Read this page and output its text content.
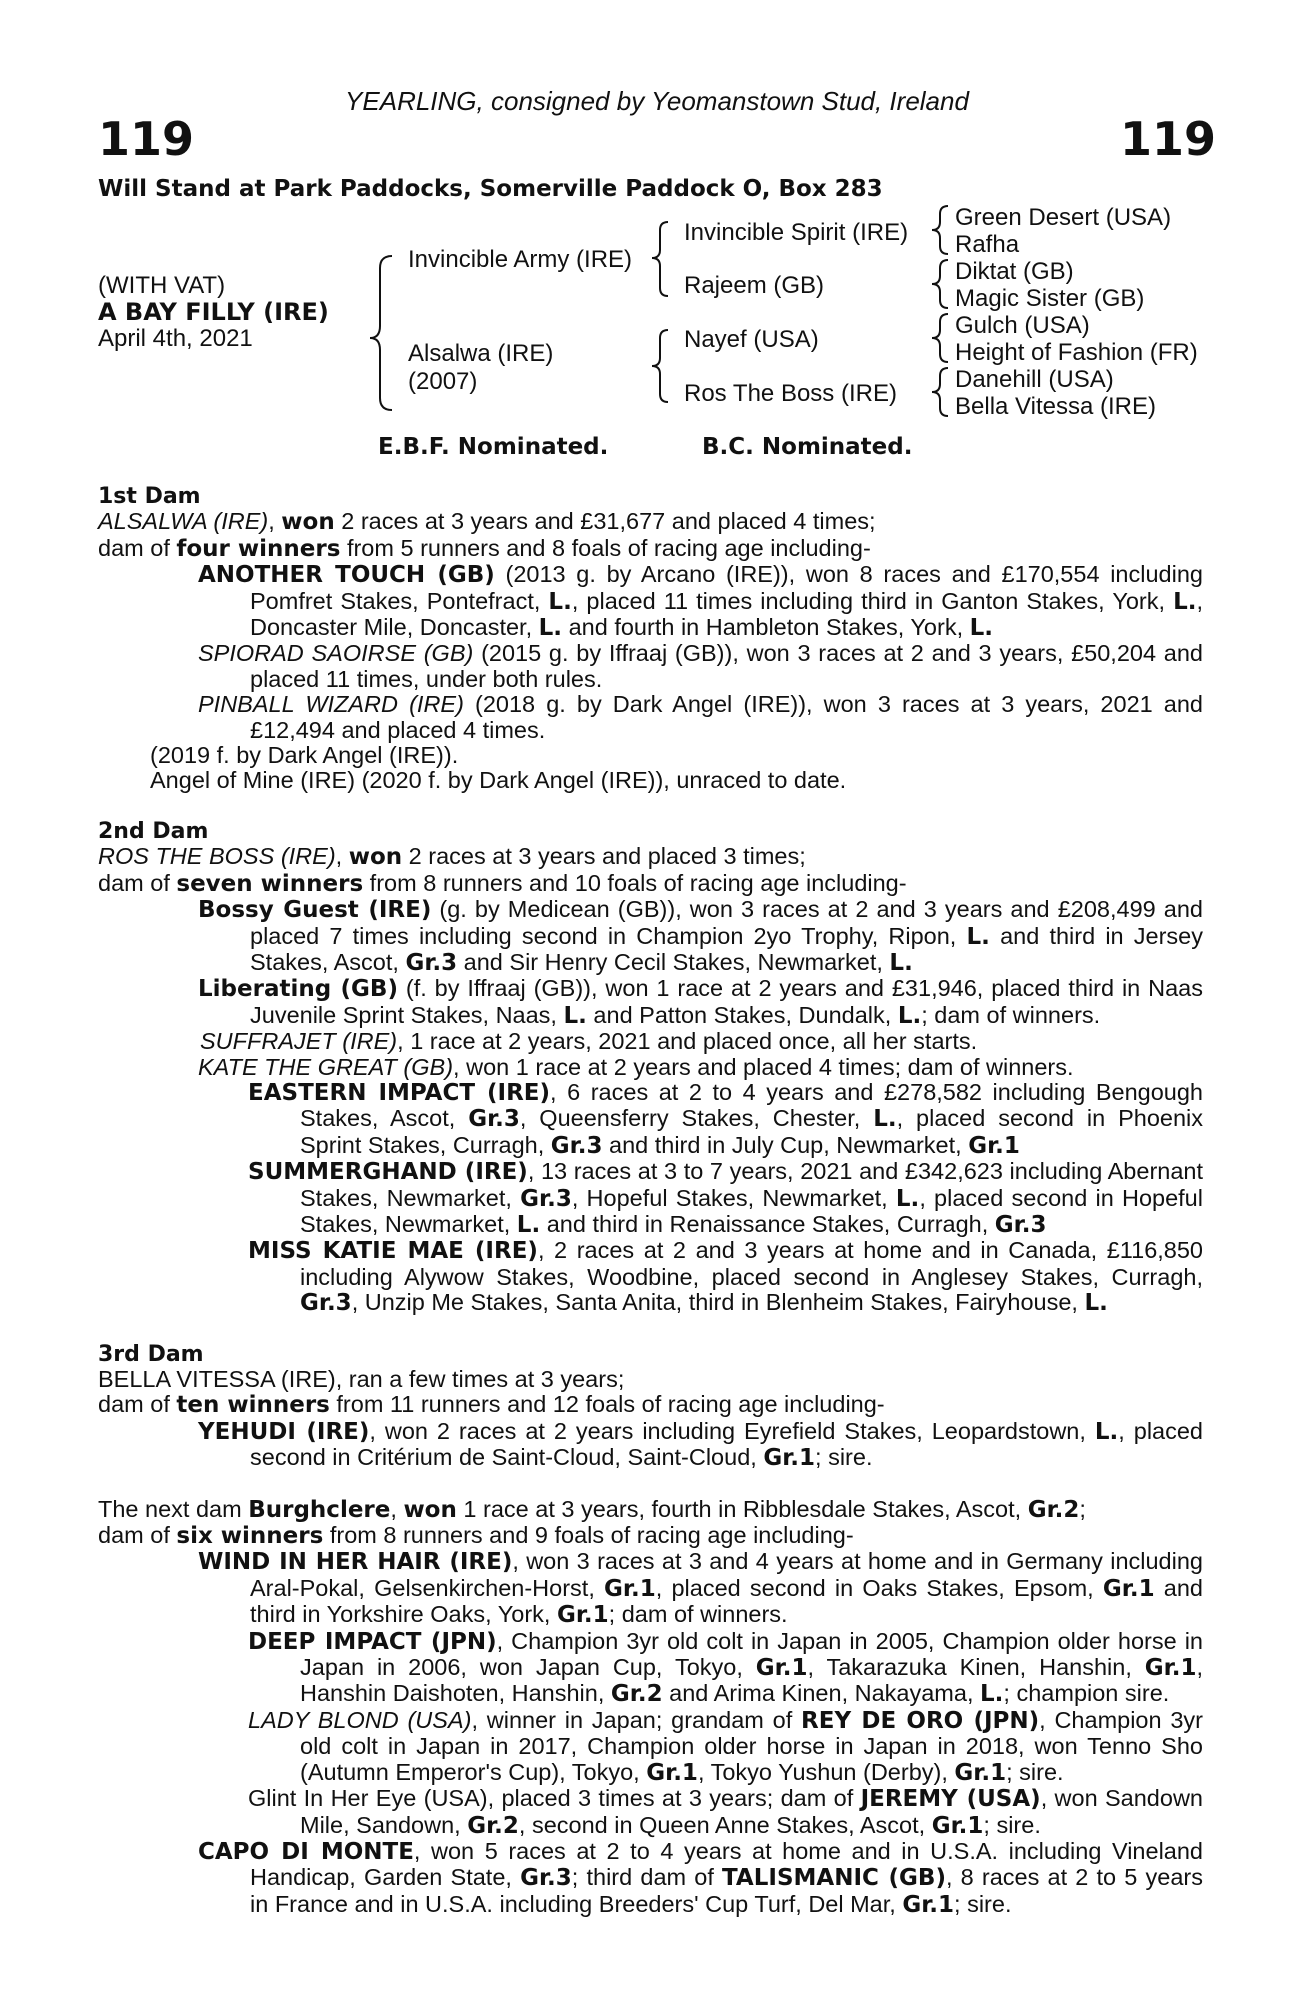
YEARLING, consigned by Yeomanstown Stud, Ireland
119	119
Will Stand at Park Paddocks, Somerville Paddock O, Box 283
(WITH VAT)
A BAY FILLY (IRE)
April 4th, 2021
Invincible Army (IRE)
Alsalwa (IRE)
(2007)
Invincible Spirit (IRE)
Rajeem (GB)
Nayef (USA)
Ros The Boss (IRE)
Green Desert (USA)
Rafha
Diktat (GB)
Magic Sister (GB)
Gulch (USA)
Height of Fashion (FR)
Danehill (USA)
Bella Vitessa (IRE)
E.B.F. Nominated.	B.C. Nominated.

1st Dam

ALSALWA (IRE), won 2 races at 3 years and £31,677 and placed 4 times;

dam of four winners from 5 runners and 8 foals of racing age including-

ANOTHER TOUCH (GB) (2013 g. by Arcano (IRE)), won 8 races and £170,554 including Pomfret Stakes, Pontefract, L., placed 11 times including third in Ganton Stakes, York, L., Doncaster Mile, Doncaster, L. and fourth in Hambleton Stakes, York, L.

SPIORAD SAOIRSE (GB) (2015 g. by Iffraaj (GB)), won 3 races at 2 and 3 years, £50,204 and placed 11 times, under both rules.

PINBALL WIZARD (IRE) (2018 g. by Dark Angel (IRE)), won 3 races at 3 years, 2021 and £12,494 and placed 4 times.

(2019 f. by Dark Angel (IRE)).

Angel of Mine (IRE) (2020 f. by Dark Angel (IRE)), unraced to date.

2nd Dam

ROS THE BOSS (IRE), won 2 races at 3 years and placed 3 times;

dam of seven winners from 8 runners and 10 foals of racing age including-

Bossy Guest (IRE) (g. by Medicean (GB)), won 3 races at 2 and 3 years and £208,499 and placed 7 times including second in Champion 2yo Trophy, Ripon, L. and third in Jersey Stakes, Ascot, Gr.3 and Sir Henry Cecil Stakes, Newmarket, L.

Liberating (GB) (f. by Iffraaj (GB)), won 1 race at 2 years and £31,946, placed third in Naas Juvenile Sprint Stakes, Naas, L. and Patton Stakes, Dundalk, L.; dam of winners.

SUFFRAJET (IRE), 1 race at 2 years, 2021 and placed once, all her starts.

KATE THE GREAT (GB), won 1 race at 2 years and placed 4 times; dam of winners.

EASTERN IMPACT (IRE), 6 races at 2 to 4 years and £278,582 including Bengough Stakes, Ascot, Gr.3, Queensferry Stakes, Chester, L., placed second in Phoenix Sprint Stakes, Curragh, Gr.3 and third in July Cup, Newmarket, Gr.1

SUMMERGHAND (IRE), 13 races at 3 to 7 years, 2021 and £342,623 including Abernant Stakes, Newmarket, Gr.3, Hopeful Stakes, Newmarket, L., placed second in Hopeful Stakes, Newmarket, L. and third in Renaissance Stakes, Curragh, Gr.3

MISS KATIE MAE (IRE), 2 races at 2 and 3 years at home and in Canada, £116,850 including Alywow Stakes, Woodbine, placed second in Anglesey Stakes, Curragh, Gr.3, Unzip Me Stakes, Santa Anita, third in Blenheim Stakes, Fairyhouse, L.

3rd Dam

BELLA VITESSA (IRE), ran a few times at 3 years;

dam of ten winners from 11 runners and 12 foals of racing age including-

YEHUDI (IRE), won 2 races at 2 years including Eyrefield Stakes, Leopardstown, L., placed second in Critérium de Saint-Cloud, Saint-Cloud, Gr.1; sire.

The next dam Burghclere, won 1 race at 3 years, fourth in Ribblesdale Stakes, Ascot, Gr.2;

dam of six winners from 8 runners and 9 foals of racing age including-

WIND IN HER HAIR (IRE), won 3 races at 3 and 4 years at home and in Germany including Aral-Pokal, Gelsenkirchen-Horst, Gr.1, placed second in Oaks Stakes, Epsom, Gr.1 and third in Yorkshire Oaks, York, Gr.1; dam of winners.

DEEP IMPACT (JPN), Champion 3yr old colt in Japan in 2005, Champion older horse in Japan in 2006, won Japan Cup, Tokyo, Gr.1, Takarazuka Kinen, Hanshin, Gr.1, Hanshin Daishoten, Hanshin, Gr.2 and Arima Kinen, Nakayama, L.; champion sire.

LADY BLOND (USA), winner in Japan; grandam of REY DE ORO (JPN), Champion 3yr old colt in Japan in 2017, Champion older horse in Japan in 2018, won Tenno Sho (Autumn Emperor's Cup), Tokyo, Gr.1, Tokyo Yushun (Derby), Gr.1; sire.

Glint In Her Eye (USA), placed 3 times at 3 years; dam of JEREMY (USA), won Sandown Mile, Sandown, Gr.2, second in Queen Anne Stakes, Ascot, Gr.1; sire.

CAPO DI MONTE, won 5 races at 2 to 4 years at home and in U.S.A. including Vineland Handicap, Garden State, Gr.3; third dam of TALISMANIC (GB), 8 races at 2 to 5 years in France and in U.S.A. including Breeders' Cup Turf, Del Mar, Gr.1; sire.
